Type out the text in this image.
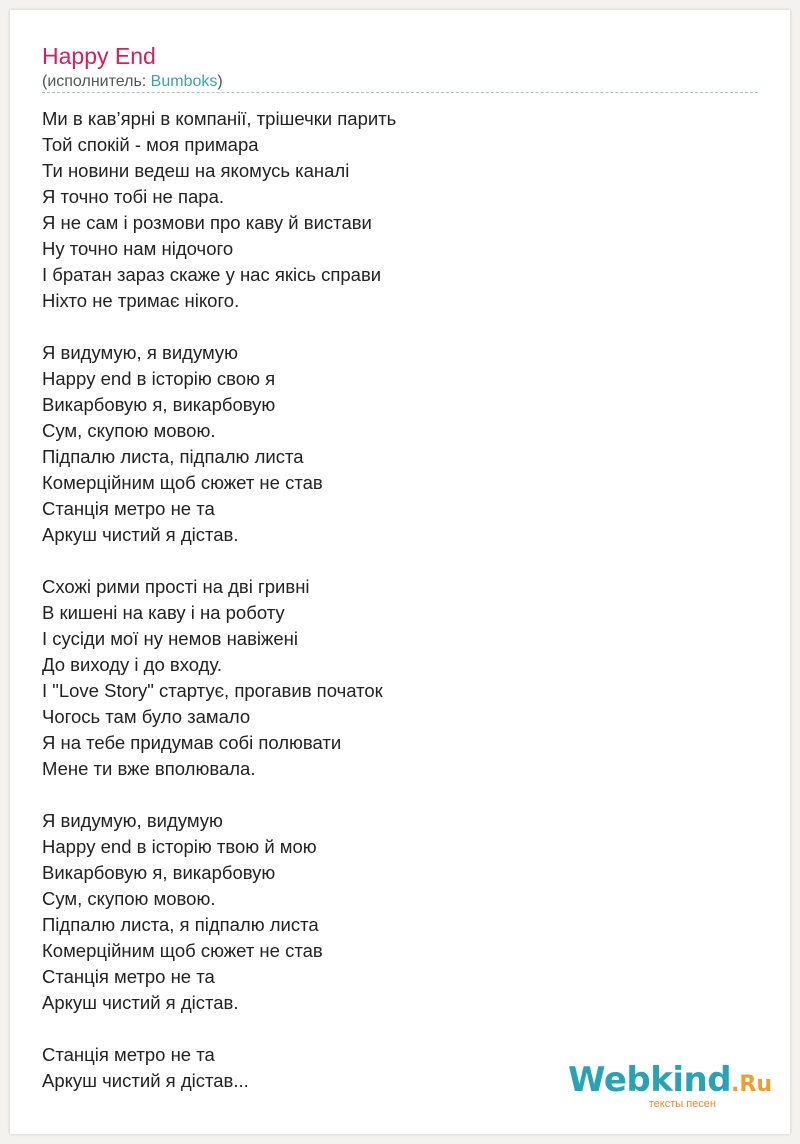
Happy End
(исполнитель: Bumboks)
Ми в кав’ярні в компанії, трішечки парить
Той спокій - моя примара
Ти новини ведеш на якомусь каналі
Я точно тобі не пара.
Я не сам і розмови про каву й вистави
Ну точно нам нідочого
І братан зараз скаже у нас якісь справи
Ніхто не тримає нікого.
Я видумую, я видумую
Happy end в історію свою я
Викарбовую я, викарбовую
Сум, скупою мовою.
Підпалю листа, підпалю листа
Комерційним щоб сюжет не став
Станція метро не та
Аркуш чистий я дістав.
Схожі рими прості на дві гривні
В кишені на каву і на роботу
І сусіди мої ну немов навіжені
До виходу і до входу.
І "Love Story" стартує, прогавив початок
Чогось там було замало
Я на тебе придумав собі полювати
Мене ти вже вполювала.
Я видумую, видумую
Happy end в історію твою й мою
Викарбовую я, викарбовую
Сум, скупою мовою.
Підпалю листа, я підпалю листа
Комерційним щоб сюжет не став
Станція метро не та
Аркуш чистий я дістав.
Станція метро не та
Аркуш чистий я дістав...	Webkind.Ru
тексты песен
